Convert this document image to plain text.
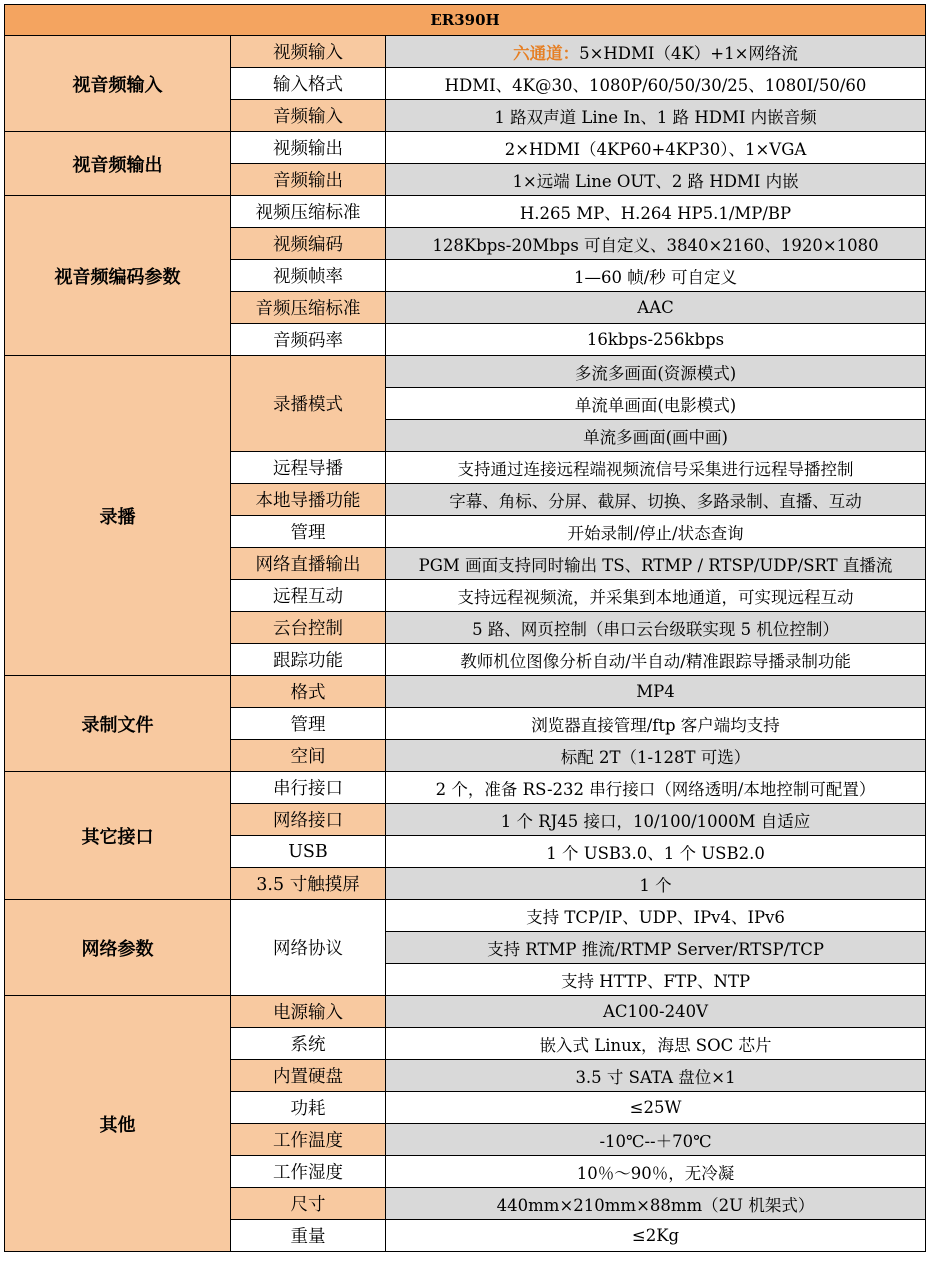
ER390H		
视音频输入	视频输入	六通道：5×HDMI（4K）+1×网络流
	输入格式	HDMI、4K@30、1080P/60/50/30/25、1080I/50/60
	音频输入	1 路双声道 Line In、1 路 HDMI 内嵌音频
视音频输出	视频输出	2×HDMI（4KP60+4KP30）、1×VGA
	音频输出	1×远端 Line OUT、2 路 HDMI 内嵌
视音频编码参数	视频压缩标准	H.265 MP、H.264 HP5.1/MP/BP
	视频编码	128Kbps-20Mbps 可自定义、3840×2160、1920×1080
	视频帧率	1—60 帧/秒 可自定义
	音频压缩标准	AAC
	音频码率	16kbps-256kbps
录播	录播模式	多流多画面(资源模式)
		单流单画面(电影模式)
		单流多画面(画中画)
	远程导播	支持通过连接远程端视频流信号采集进行远程导播控制
	本地导播功能	字幕、角标、分屏、截屏、切换、多路录制、直播、互动
	管理	开始录制/停止/状态查询
	网络直播输出	PGM 画面支持同时输出 TS、RTMP / RTSP/UDP/SRT 直播流
	远程互动	支持远程视频流，并采集到本地通道，可实现远程互动
	云台控制	5 路、网页控制（串口云台级联实现 5 机位控制）
	跟踪功能	教师机位图像分析自动/半自动/精准跟踪导播录制功能
录制文件	格式	MP4
	管理	浏览器直接管理/ftp 客户端均支持
	空间	标配 2T（1-128T 可选）
其它接口	串行接口	2 个，准备 RS-232 串行接口（网络透明/本地控制可配置）
	网络接口	1 个 RJ45 接口，10/100/1000M 自适应
	USB	1 个 USB3.0、1 个 USB2.0
	3.5 寸触摸屏	1 个
网络参数	网络协议	支持 TCP/IP、UDP、IPv4、IPv6
		支持 RTMP 推流/RTMP Server/RTSP/TCP
		支持 HTTP、FTP、NTP
其他	电源输入	AC100-240V
	系统	嵌入式 Linux，海思 SOC 芯片
	内置硬盘	3.5 寸 SATA 盘位×1
	功耗	≤25W
	工作温度	-10℃--＋70℃
	工作湿度	10％～90％，无冷凝
	尺寸	440mm×210mm×88mm（2U 机架式）
	重量	≤2Kg
